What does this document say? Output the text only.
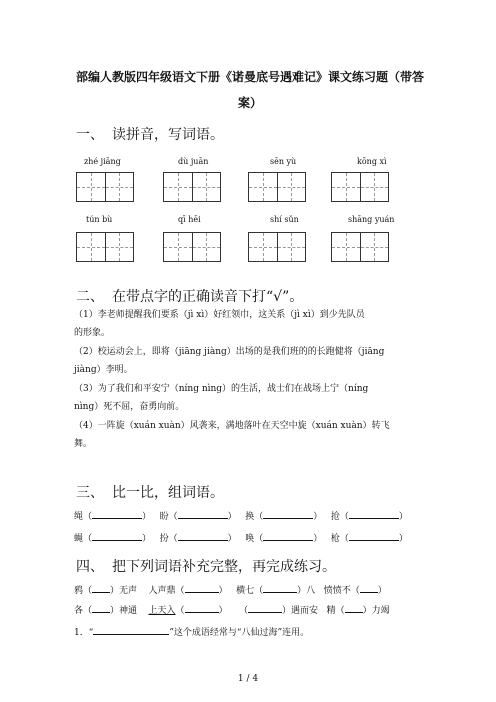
部编人教版四年级语文下册《诺曼底号遇难记》课文练习题（带答
案）
一、 读拼音，写词语。
zhé jiāng	dù juān	sēn yù	kōng xì
tún bù	qī hēi	shí sǔn	shāng yuán
二、 在带点字的正确读音下打“√”。
（1）李老师提醒我们要系（jì xì）好红领巾，这关系（jì xì）到少先队员
的形象。
（2）校运动会上，即将（jiāng jiàng）出场的是我们班的的长跑健将（jiāng
jiàng）李明。
（3）为了我们和平安宁（níng nìng）的生活，战士们在战场上宁（níng
nìng）死不屈，奋勇向前。
（4）一阵旋（xuán xuàn）风袭来，满地落叶在天空中旋（xuán xuàn）转飞
舞。
三、 比一比，组词语。
绳（	）   盼（	）   换（	）   抢（	）
蝇（	）   扮（	）   唤（	）   枪（	）
四、 把下列词语补充完整，再完成练习。
鸦（ ）无声 人声鼎（	） 横七（	）八 愤愤不（ ）
各（ ）神通 上天入（	） （	）遇而安 精（ ）力竭
1．“	”这个成语经常与“八仙过海”连用。
1 / 4
